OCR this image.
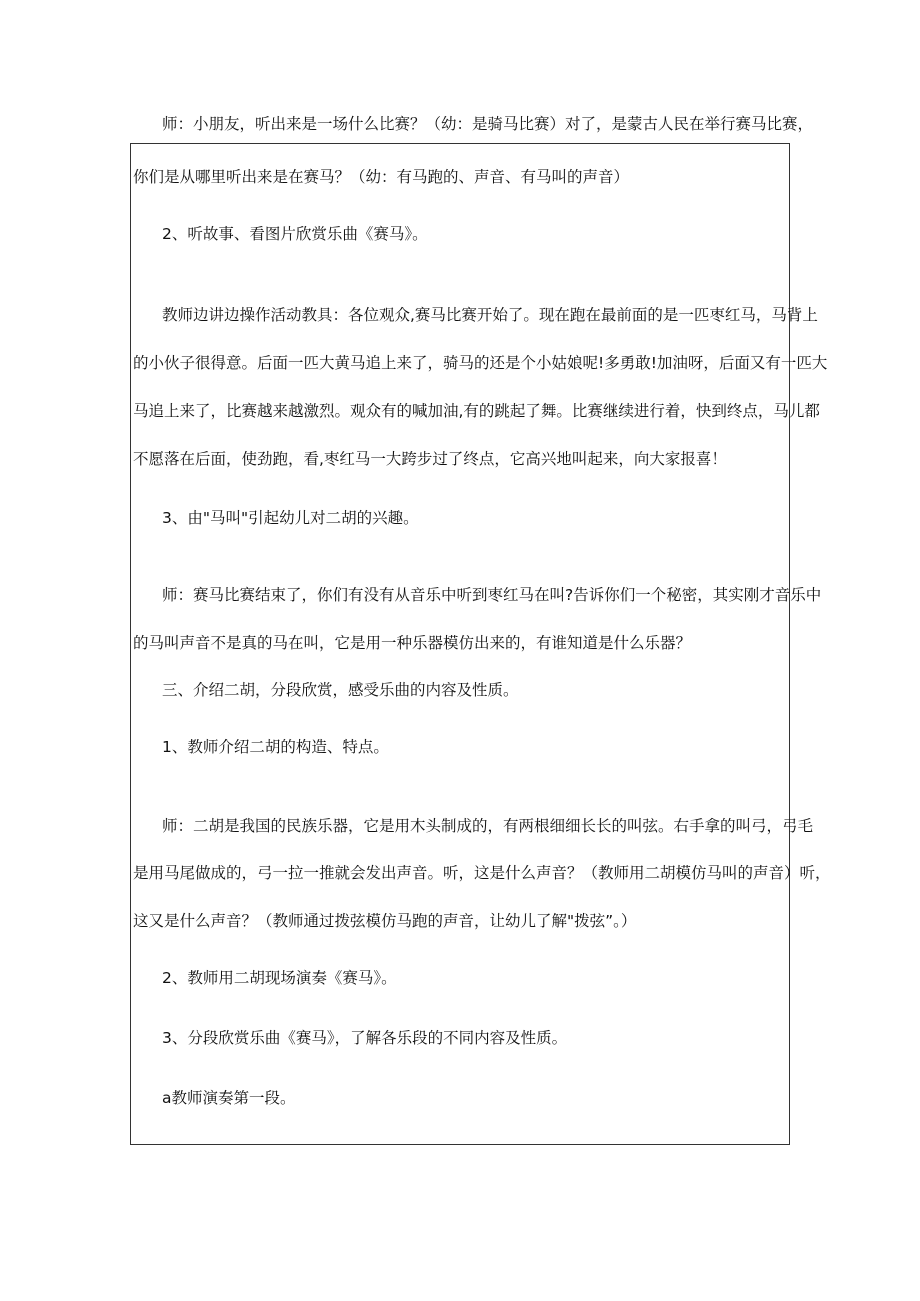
师：小朋友，听出来是一场什么比赛？（幼：是骑马比赛）对了，是蒙古人民在举行赛马比赛，
你们是从哪里听出来是在赛马？（幼：有马跑的、声音、有马叫的声音）
2、听故事、看图片欣赏乐曲《赛马》。
教师边讲边操作活动教具：各位观众,赛马比赛开始了。现在跑在最前面的是一匹枣红马，马背上
的小伙子很得意。后面一匹大黄马追上来了，骑马的还是个小姑娘呢!多勇敢!加油呀，后面又有一匹大
马追上来了，比赛越来越激烈。观众有的喊加油,有的跳起了舞。比赛继续进行着，快到终点，马儿都
不愿落在后面，使劲跑，看,枣红马一大跨步过了终点，它高兴地叫起来，向大家报喜！
3、由"马叫"引起幼儿对二胡的兴趣。
师：赛马比赛结束了，你们有没有从音乐中听到枣红马在叫?告诉你们一个秘密，其实刚才音乐中
的马叫声音不是真的马在叫，它是用一种乐器模仿出来的，有谁知道是什么乐器？
三、介绍二胡，分段欣赏，感受乐曲的内容及性质。
1、教师介绍二胡的构造、特点。
师：二胡是我国的民族乐器，它是用木头制成的，有两根细细长长的叫弦。右手拿的叫弓，弓毛
是用马尾做成的，弓一拉一推就会发出声音。听，这是什么声音？（教师用二胡模仿马叫的声音）听，
这又是什么声音？（教师通过拨弦模仿马跑的声音，让幼儿了解"拨弦”。）
2、教师用二胡现场演奏《赛马》。
3、分段欣赏乐曲《赛马》，了解各乐段的不同内容及性质。
a教师演奏第一段。
